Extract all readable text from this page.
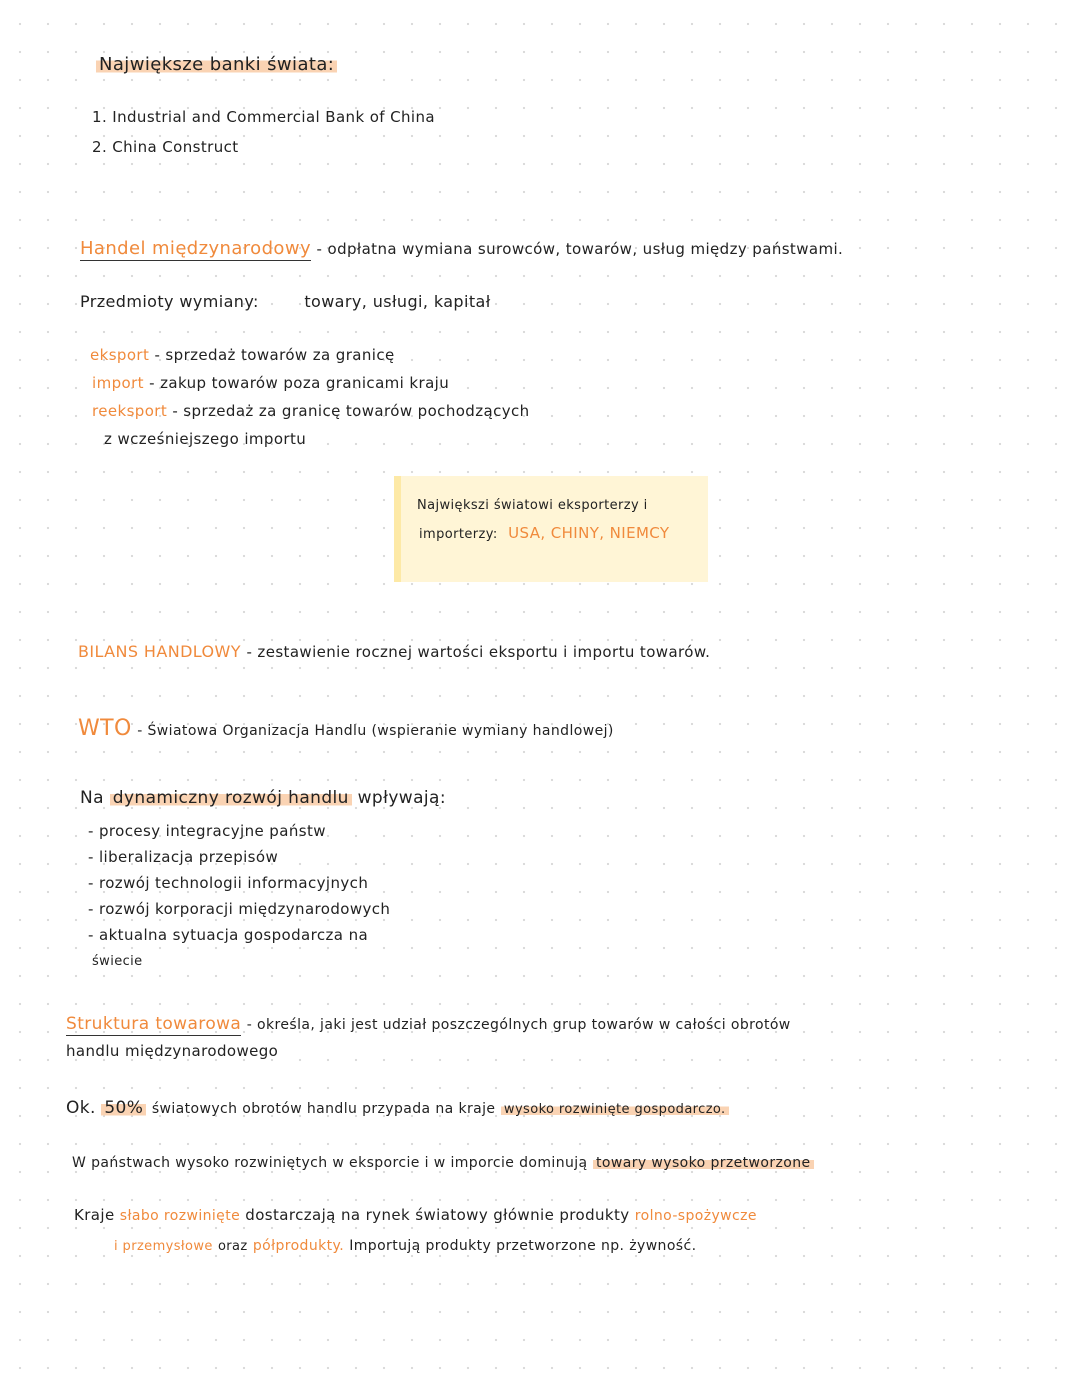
Największe banki świata:
1. Industrial and Commercial Bank of China
2. China Construct
Handel międzynarodowy - odpłatna wymiana surowców, towarów, usług między państwami.
Przedmioty wymiany:	towary, usługi, kapitał
eksport - sprzedaż towarów za granicę
import - zakup towarów poza granicami kraju
reeksport - sprzedaż za granicę towarów pochodzących
z wcześniejszego importu
Największi światowi eksporterzy i
importerzy: USA, CHINY, NIEMCY
BILANS HANDLOWY - zestawienie rocznej wartości eksportu i importu towarów.
WTO - Światowa Organizacja Handlu (wspieranie wymiany handlowej)
Na dynamiczny rozwój handlu wpływają:
- procesy integracyjne państw
- liberalizacja przepisów
- rozwój technologii informacyjnych
- rozwój korporacji międzynarodowych
- aktualna sytuacja gospodarcza na
świecie
Struktura towarowa - określa, jaki jest udział poszczególnych grup towarów w całości obrotów
handlu międzynarodowego
Ok. 50% światowych obrotów handlu przypada na kraje wysoko rozwinięte gospodarczo.
W państwach wysoko rozwiniętych w eksporcie i w imporcie dominują towary wysoko przetworzone
Kraje słabo rozwinięte dostarczają na rynek światowy głównie produkty rolno-spożywcze
i przemysłowe oraz półprodukty. Importują produkty przetworzone np. żywność.
